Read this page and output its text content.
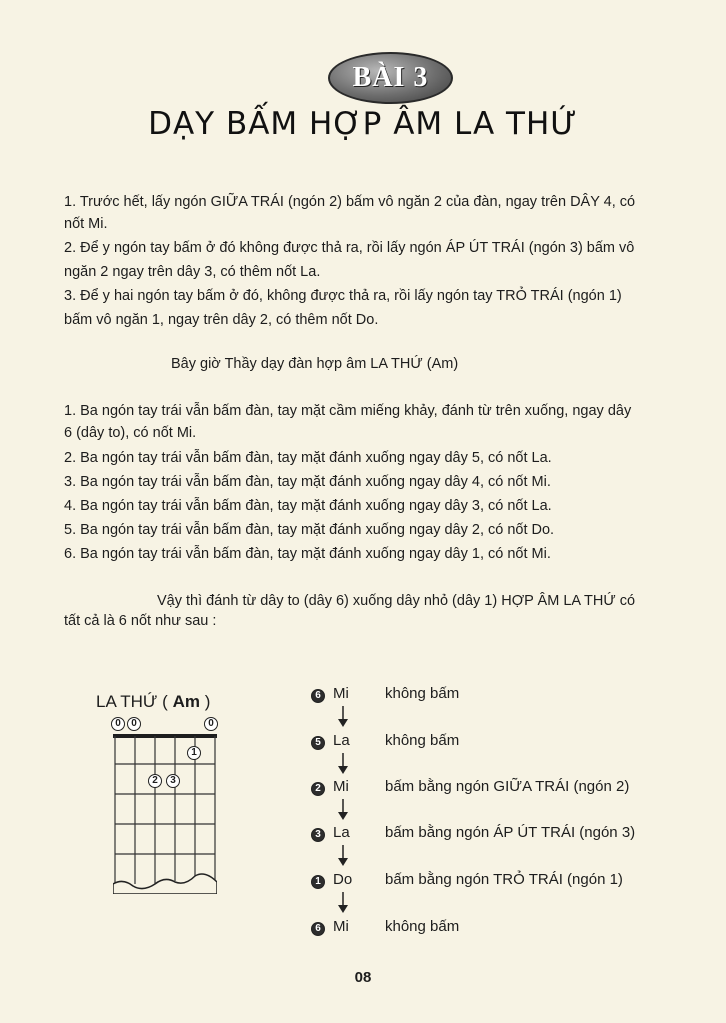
BÀI 3
DẠY BẤM HỢP ÂM LA THỨ
1. Trước hết, lấy ngón GIỮA TRÁI (ngón 2) bấm vô ngăn 2 của đàn, ngay trên DÂY 4, có
nốt Mi.
2. Để y ngón tay bấm ở đó không được thả ra, rồi lấy ngón ÁP ÚT TRÁI (ngón 3) bấm vô
ngăn 2 ngay trên dây 3, có thêm nốt La.
3. Để y hai ngón tay bấm ở đó, không được thả ra, rồi lấy ngón tay TRỎ TRÁI (ngón 1)
bấm vô ngăn 1, ngay trên dây 2, có thêm nốt Do.
Bây giờ Thầy dạy đàn hợp âm LA THỨ (Am)
1. Ba ngón tay trái vẫn bấm đàn, tay mặt cầm miếng khảy, đánh từ trên xuống, ngay dây
6 (dây to), có nốt Mi.
2. Ba ngón tay trái vẫn bấm đàn, tay mặt đánh xuống ngay dây 5, có nốt La.
3. Ba ngón tay trái vẫn bấm đàn, tay mặt đánh xuống ngay dây 4, có nốt Mi.
4. Ba ngón tay trái vẫn bấm đàn, tay mặt đánh xuống ngay dây 3, có nốt La.
5. Ba ngón tay trái vẫn bấm đàn, tay mặt đánh xuống ngay dây 2, có nốt Do.
6. Ba ngón tay trái vẫn bấm đàn, tay mặt đánh xuống ngay dây 1, có nốt Mi.
Vậy thì đánh từ dây to (dây 6) xuống dây nhỏ (dây 1) HỢP ÂM LA THỨ có
tất cả là 6 nốt như sau :
LA THỨ ( Am )
0	0	0
1
2	3
6 Mi không bấm
5 La không bấm
2 Mi bấm bằng ngón GIỮA TRÁI (ngón 2)
3 La bấm bằng ngón ÁP ÚT TRÁI (ngón 3)
1 Do bấm bằng ngón TRỎ TRÁI (ngón 1)
6 Mi không bấm
08
